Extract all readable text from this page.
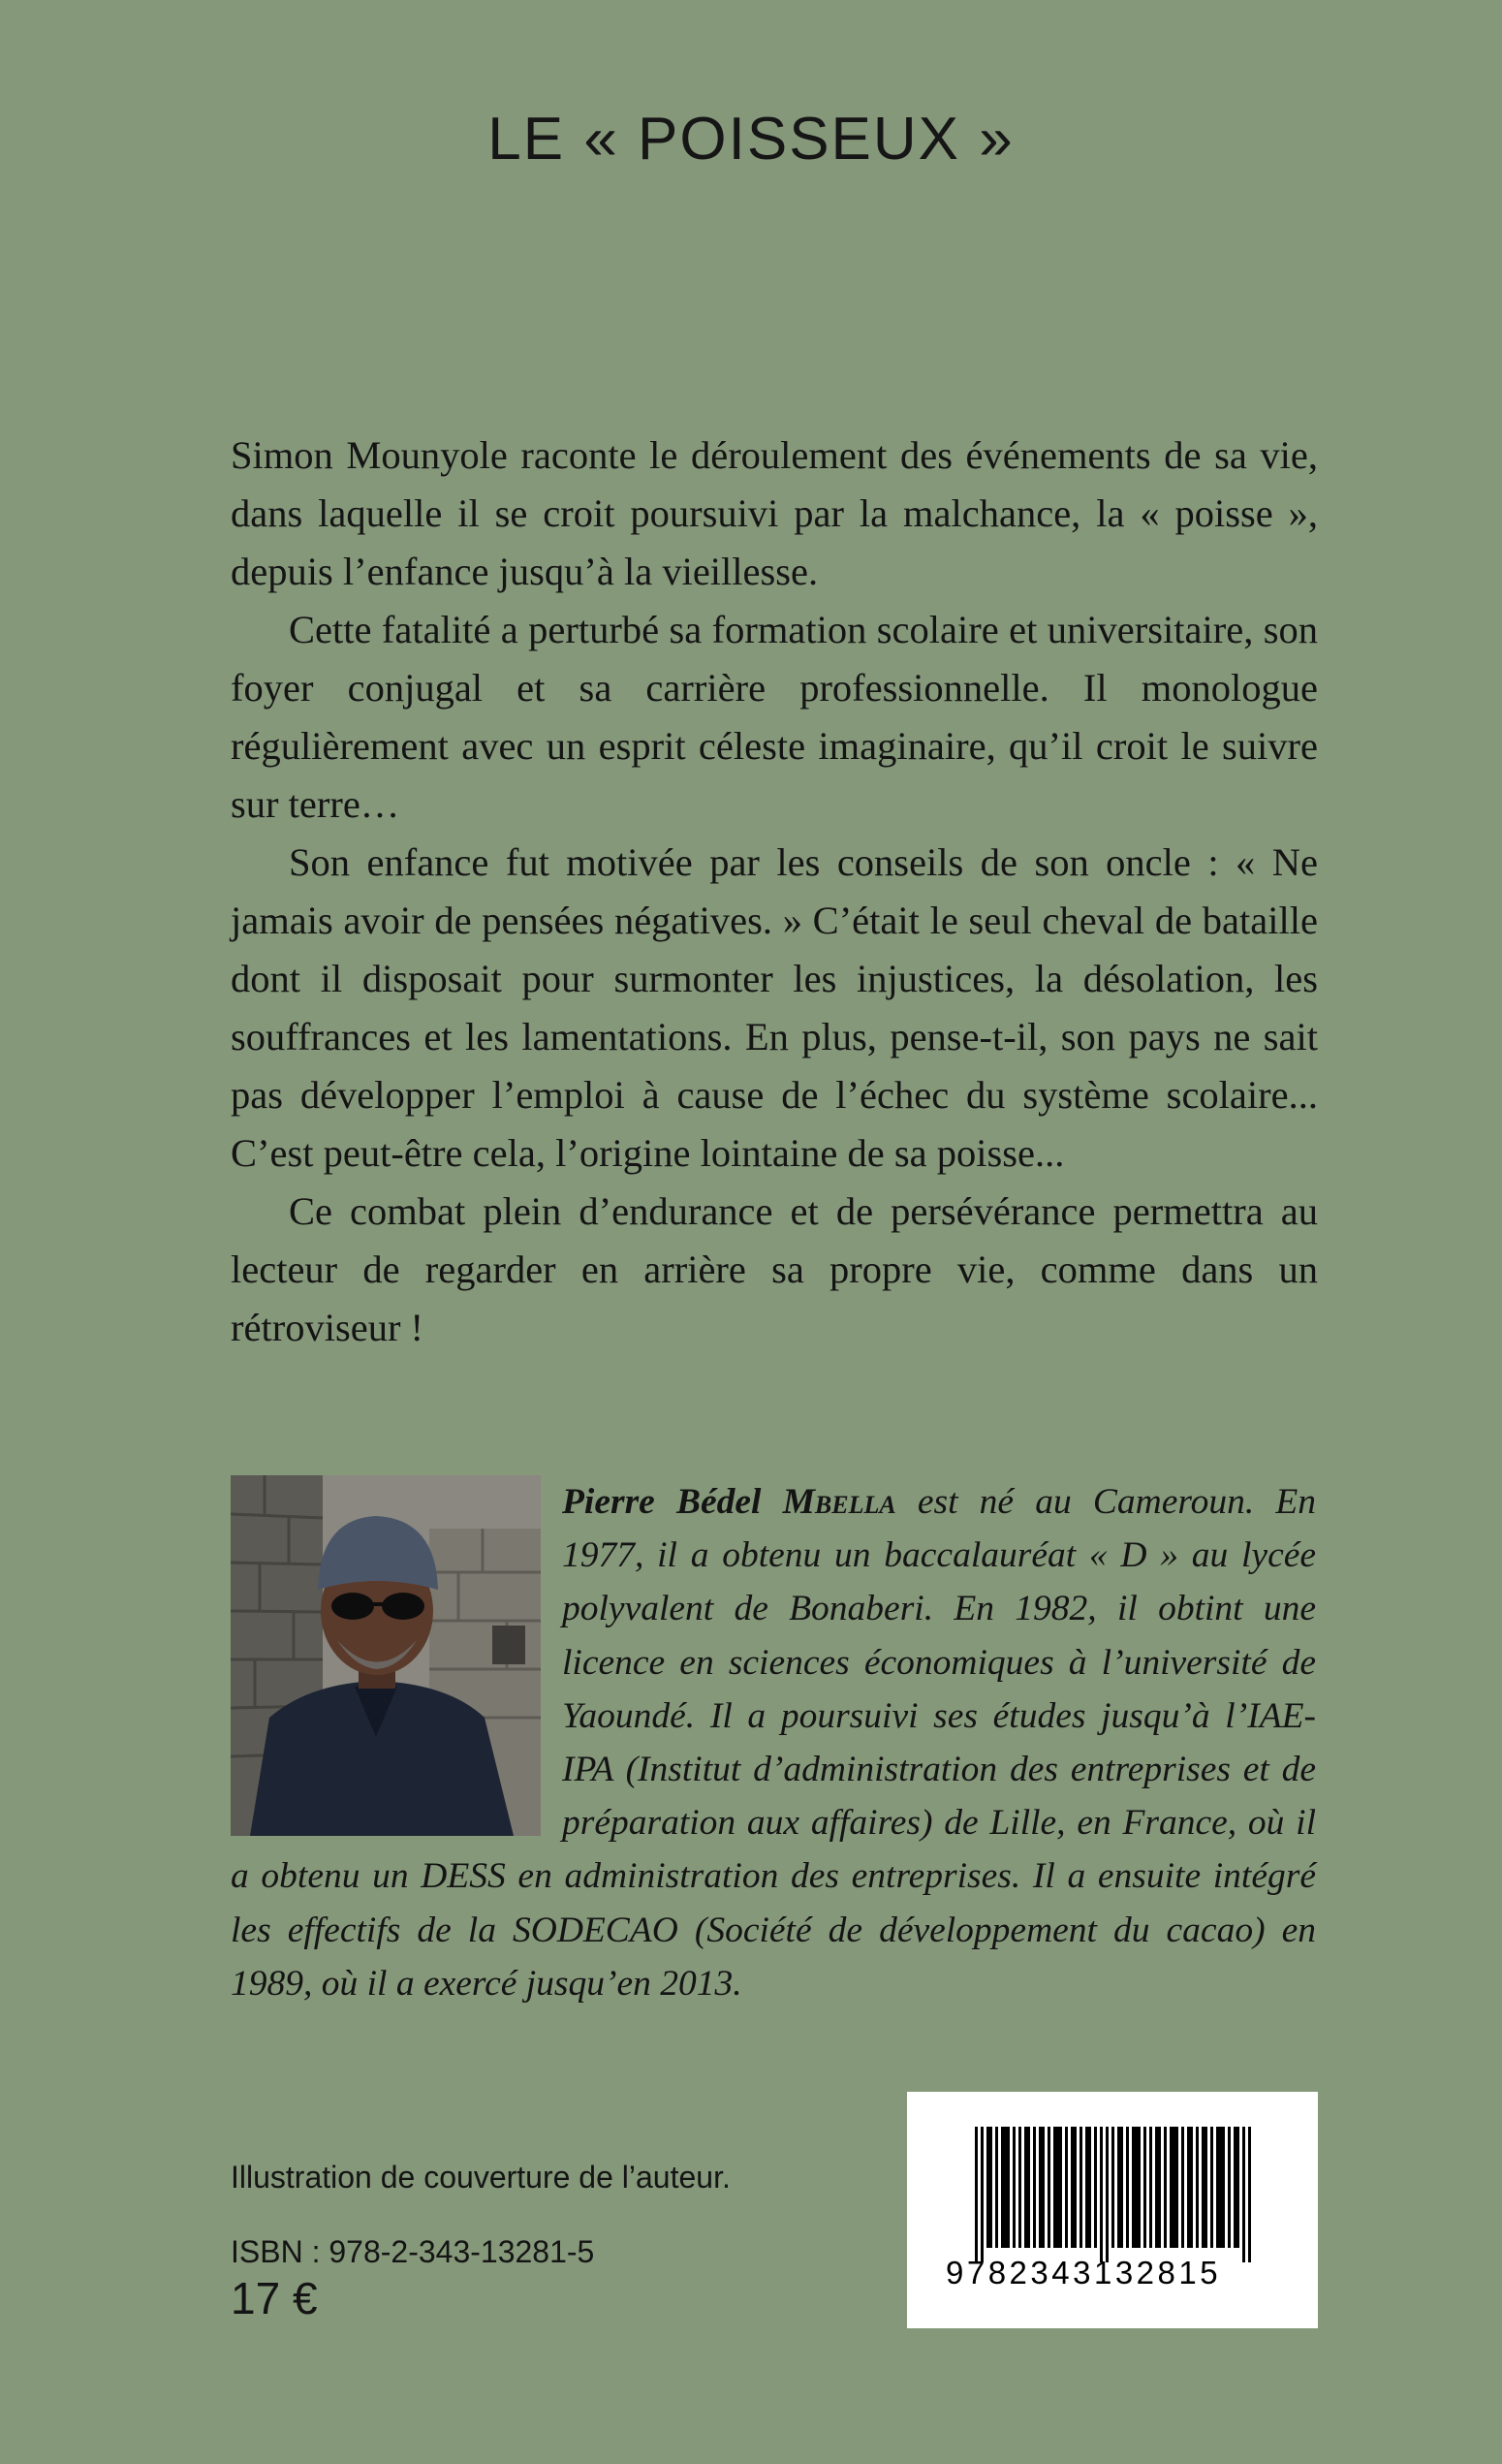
LE « POISSEUX »

Simon Mounyole raconte le déroulement des événements de sa vie, dans laquelle il se croit poursuivi par la malchance, la « poisse », depuis l’enfance jusqu’à la vieillesse.

Cette fatalité a perturbé sa formation scolaire et universitaire, son foyer conjugal et sa carrière professionnelle. Il monologue régulièrement avec un esprit céleste imaginaire, qu’il croit le suivre sur terre…

Son enfance fut motivée par les conseils de son oncle : « Ne jamais avoir de pensées négatives. » C’était le seul cheval de bataille dont il disposait pour surmonter les injustices, la désolation, les souffrances et les lamentations. En plus, pense-t-il, son pays ne sait pas développer l’emploi à cause de l’échec du système scolaire... C’est peut-être cela, l’origine lointaine de sa poisse...

Ce combat plein d’endurance et de persévérance permettra au lecteur de regarder en arrière sa propre vie, comme dans un rétroviseur !

Pierre Bédel Mbella est né au Cameroun. En 1977, il a obtenu un baccalauréat « D » au lycée polyvalent de Bonaberi. En 1982, il obtint une licence en sciences économiques à l’université de Yaoundé. Il a poursuivi ses études jusqu’à l’IAE-IPA (Institut d’administration des entreprises et de préparation aux affaires) de Lille, en France, où il a obtenu un DESS en administration des entreprises. Il a ensuite intégré les effectifs de la SODECAO (Société de développement du cacao) en 1989, où il a exercé jusqu’en 2013.
Illustration de couverture de l’auteur.
ISBN : 978-2-343-13281-5
17 €
9782343132815
